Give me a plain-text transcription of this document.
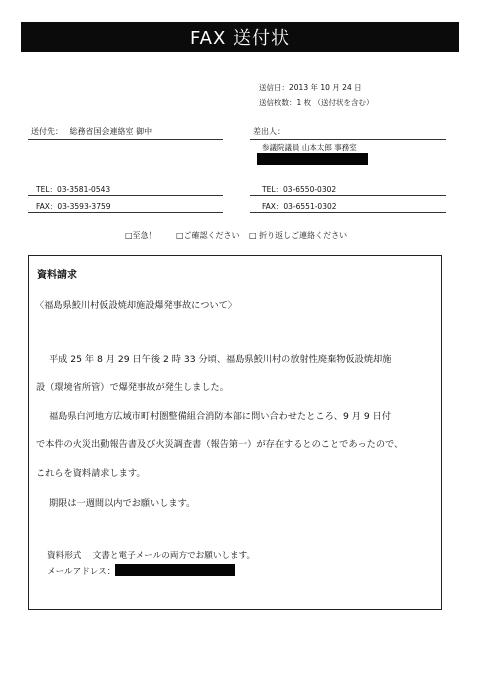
FAX 送付状
送信日：2013 年 10 月 24 日
送信枚数：1 枚 （送付状を含む）
送付先： 総務省国会連絡室 御中
TEL：03-3581-0543
FAX：03-3593-3759
差出人：
参議院議員 山本太郎 事務室
TEL：03-6550-0302
FAX：03-6551-0302
□至急！ □ご確認ください □ 折り返しご連絡ください
資料請求
〈福島県鮫川村仮設焼却施設爆発事故について〉
平成 25 年 8 月 29 日午後 2 時 33 分頃、福島県鮫川村の放射性廃棄物仮設焼却施
設（環境省所管）で爆発事故が発生しました。
福島県白河地方広域市町村圏整備組合消防本部に問い合わせたところ、9 月 9 日付
で本件の火災出動報告書及び火災調査書（報告第一）が存在するとのことであったので、
これらを資料請求します。
期限は一週間以内でお願いします。
資料形式　 文書と電子メールの両方でお願いします。
メールアドレス：
